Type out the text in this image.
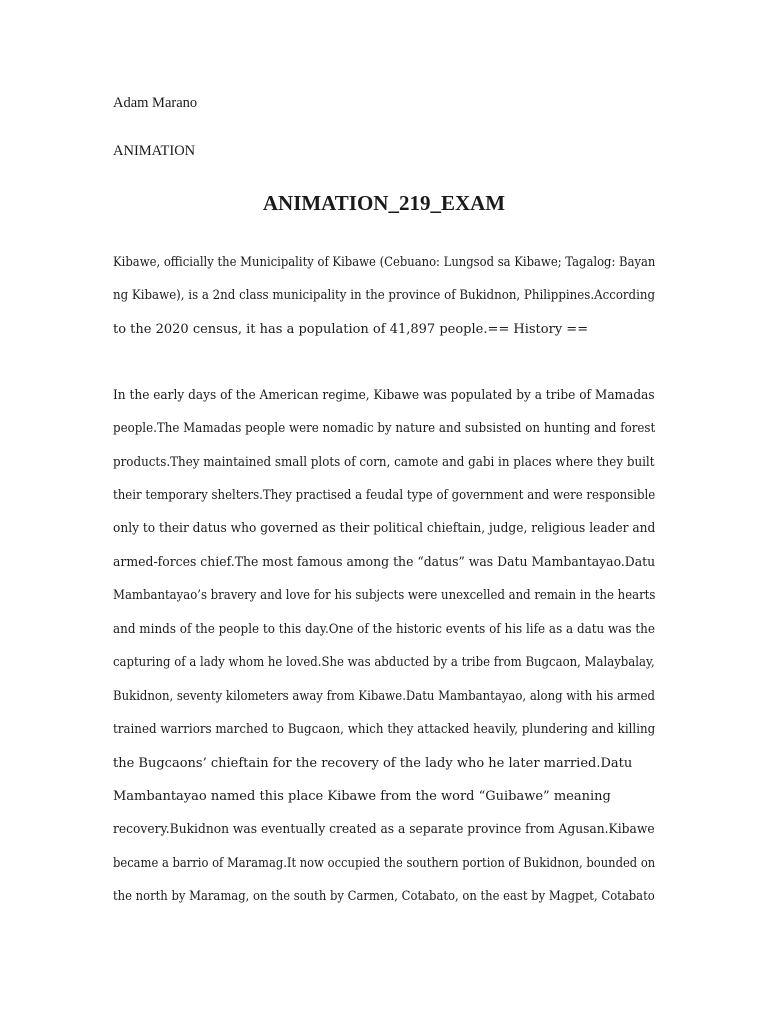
Adam Marano
ANIMATION
ANIMATION_219_EXAM
Kibawe, officially the Municipality of Kibawe (Cebuano: Lungsod sa Kibawe; Tagalog: Bayan
ng Kibawe), is a 2nd class municipality in the province of Bukidnon, Philippines.According
to the 2020 census, it has a population of 41,897 people.== History ==
In the early days of the American regime, Kibawe was populated by a tribe of Mamadas
people.The Mamadas people were nomadic by nature and subsisted on hunting and forest
products.They maintained small plots of corn, camote and gabi in places where they built
their temporary shelters.They practised a feudal type of government and were responsible
only to their datus who governed as their political chieftain, judge, religious leader and
armed-forces chief.The most famous among the “datus” was Datu Mambantayao.Datu
Mambantayao’s bravery and love for his subjects were unexcelled and remain in the hearts
and minds of the people to this day.One of the historic events of his life as a datu was the
capturing of a lady whom he loved.She was abducted by a tribe from Bugcaon, Malaybalay,
Bukidnon, seventy kilometers away from Kibawe.Datu Mambantayao, along with his armed
trained warriors marched to Bugcaon, which they attacked heavily, plundering and killing
the Bugcaons’ chieftain for the recovery of the lady who he later married.Datu
Mambantayao named this place Kibawe from the word “Guibawe” meaning
recovery.Bukidnon was eventually created as a separate province from Agusan.Kibawe
became a barrio of Maramag.It now occupied the southern portion of Bukidnon, bounded on
the north by Maramag, on the south by Carmen, Cotabato, on the east by Magpet, Cotabato
